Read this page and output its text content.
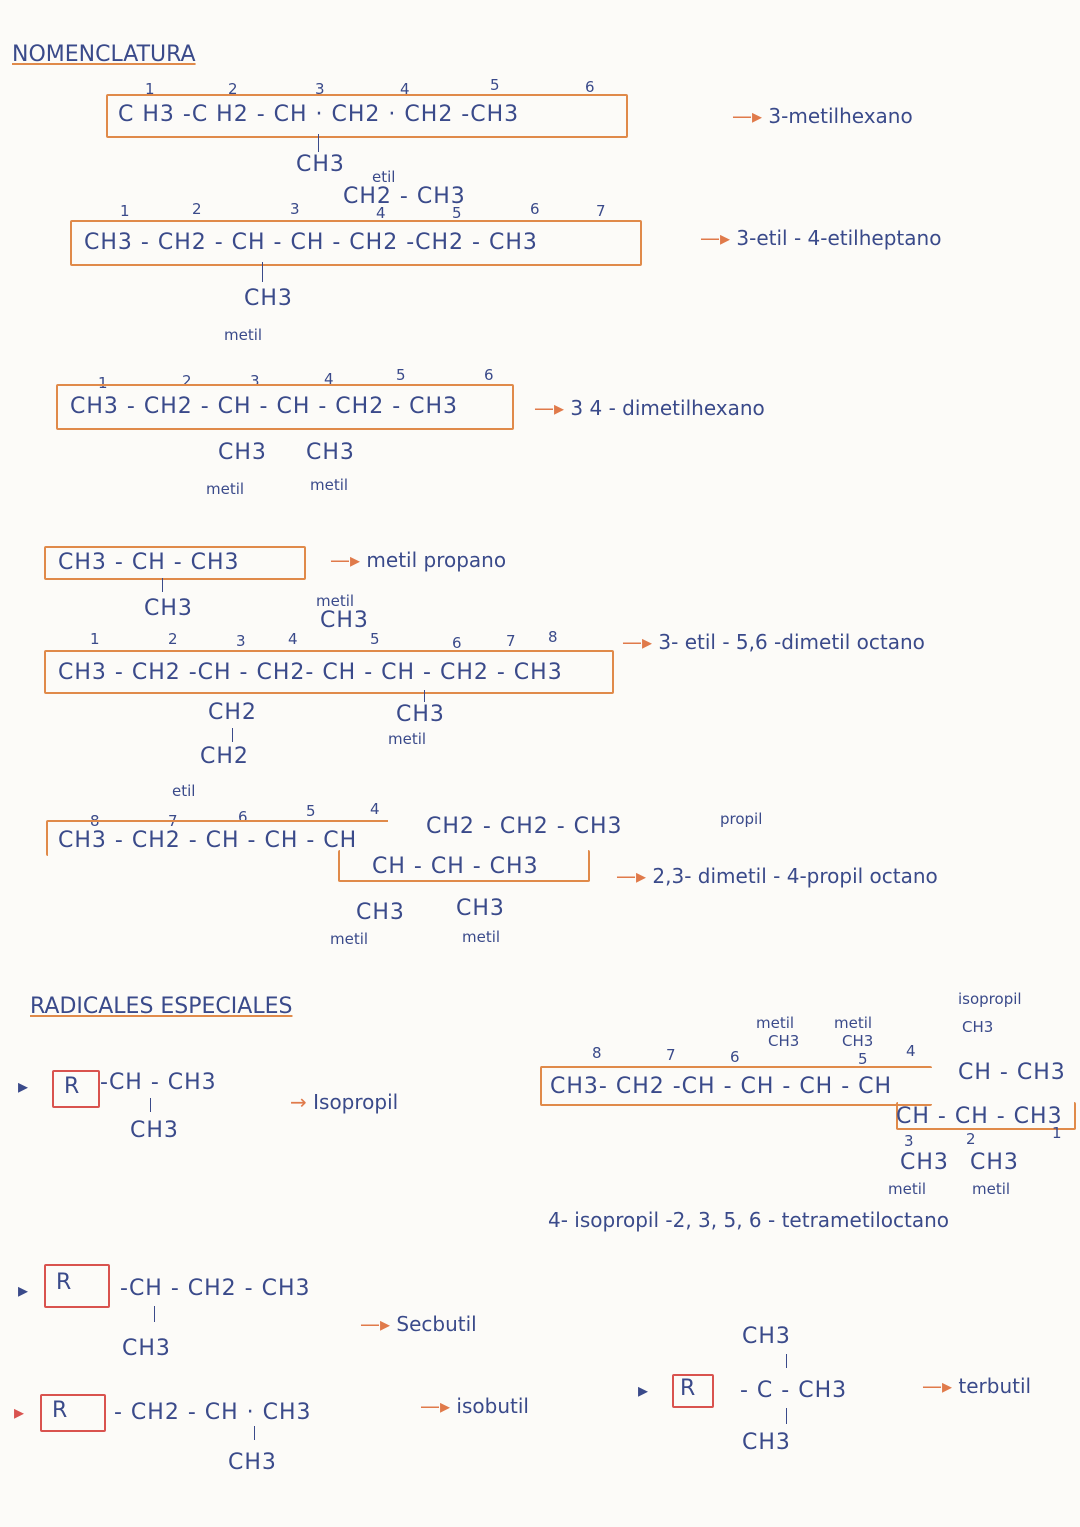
NOMENCLATURA
1	2	3	4	5	6
C H3 -C H2 - CH · CH2 · CH2 -CH3
CH3
—▸ 3-metilhexano
etil
CH2 - CH3
1	2	3	4	5	6	7
CH3 - CH2 - CH - CH - CH2 -CH2 - CH3
CH3
metil
—▸ 3-etil - 4-etilheptano
1	2	3	4	5	6
CH3 - CH2 - CH - CH - CH2 - CH3
CH3 CH3
metil	metil
—▸ 3 4 - dimetilhexano
CH3 - CH - CH3
CH3
—▸ metil propano
metil
CH3
1	2	3	4	5	6	7 8
CH3 - CH2 -CH - CH2- CH - CH - CH2 - CH3
CH2
CH2
etil
CH3
metil
—▸ 3- etil - 5,6 -dimetil octano
8	7	6	5	4
CH3 - CH2 - CH - CH - CH
CH2 - CH2 - CH3	propil
CH - CH - CH3
CH3 CH3
metil	metil
—▸ 2,3- dimetil - 4-propil octano
RADICALES ESPECIALES
▸ R -CH - CH3
CH3
→ Isopropil
▸ R -CH - CH2 - CH3
CH3
—▸ Secbutil
▸ R - CH2 - CH · CH3
CH3
—▸ isobutil
CH3
▸ R - C - CH3
CH3
—▸ terbutil
metil	metil
isopropil
CH3	CH3
CH3
8	7	6	5	4
CH3- CH2 -CH - CH - CH - CH
CH - CH3
3	2	1
CH - CH - CH3
CH3 CH3
metil	metil
4- isopropil -2, 3, 5, 6 - tetrametiloctano
